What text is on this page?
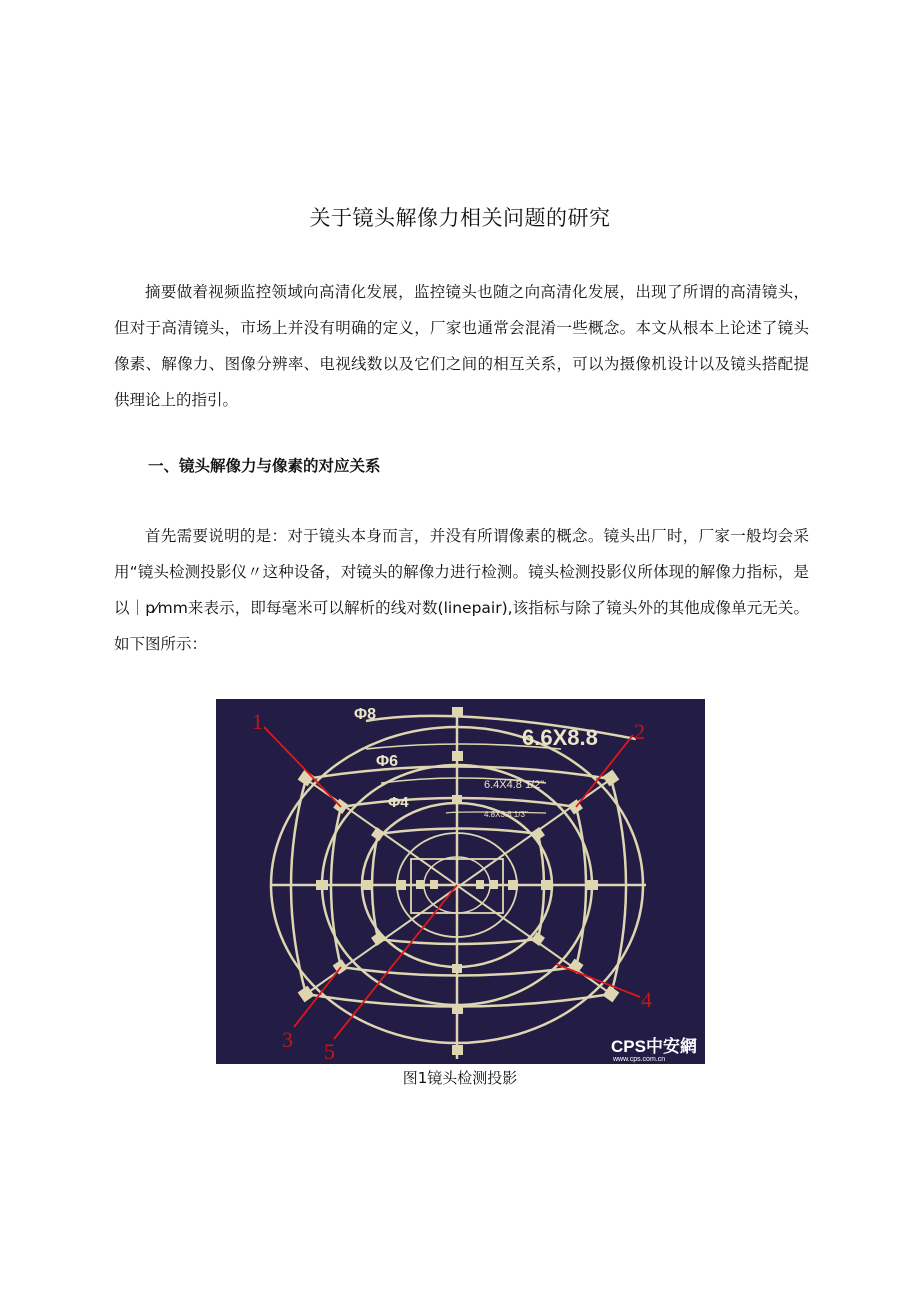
关于镜头解像力相关问题的研究

摘要做着视频监控领域向高清化发展，监控镜头也随之向高清化发展，出现了所谓的高清镜头，但对于高清镜头，市场上并没有明确的定义，厂家也通常会混淆一些概念。本文从根本上论述了镜头像素、解像力、图像分辨率、电视线数以及它们之间的相互关系，可以为摄像机设计以及镜头搭配提供理论上的指引。

一、镜头解像力与像素的对应关系

首先需要说明的是：对于镜头本身而言，并没有所谓像素的概念。镜头出厂时，厂家一般均会采用“镜头检测投影仪〃这种设备，对镜头的解像力进行检测。镜头检测投影仪所体现的解像力指标，是以｜p⁄mm来表示，即每毫米可以解析的线对数(linepair),该指标与除了镜头外的其他成像单元无关。如下图所示：

Φ8
Φ6
Φ4
6.6X8.8
6.4X4.8 1/2"
4.8X3.6 1/3"
1	2
3
4
5	CPS中安網
www.cps.com.cn
图1镜头检测投影
